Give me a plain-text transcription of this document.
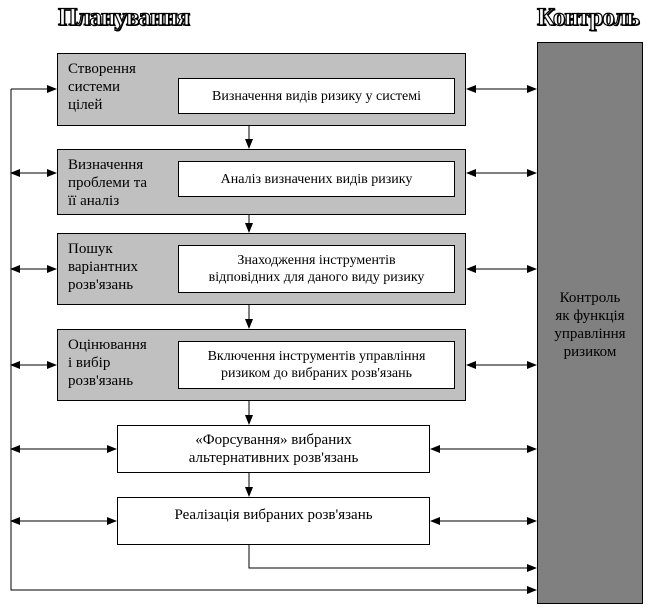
Планування	Контроль
Створення
системи
цілей
Визначення видів ризику у системі
Визначення
проблеми та
її аналіз
Аналіз визначених видів ризику
Пошук
варіантних
розв'язань
Знаходження інструментів
відповідних для даного виду ризику
Оцінювання
і вибір
розв'язань
Включення інструментів управління
ризиком до вибраних розв'язань
«Форсування» вибраних
альтернативних розв'язань
Реалізація вибраних розв'язань
Контроль
як функція
управління
ризиком
